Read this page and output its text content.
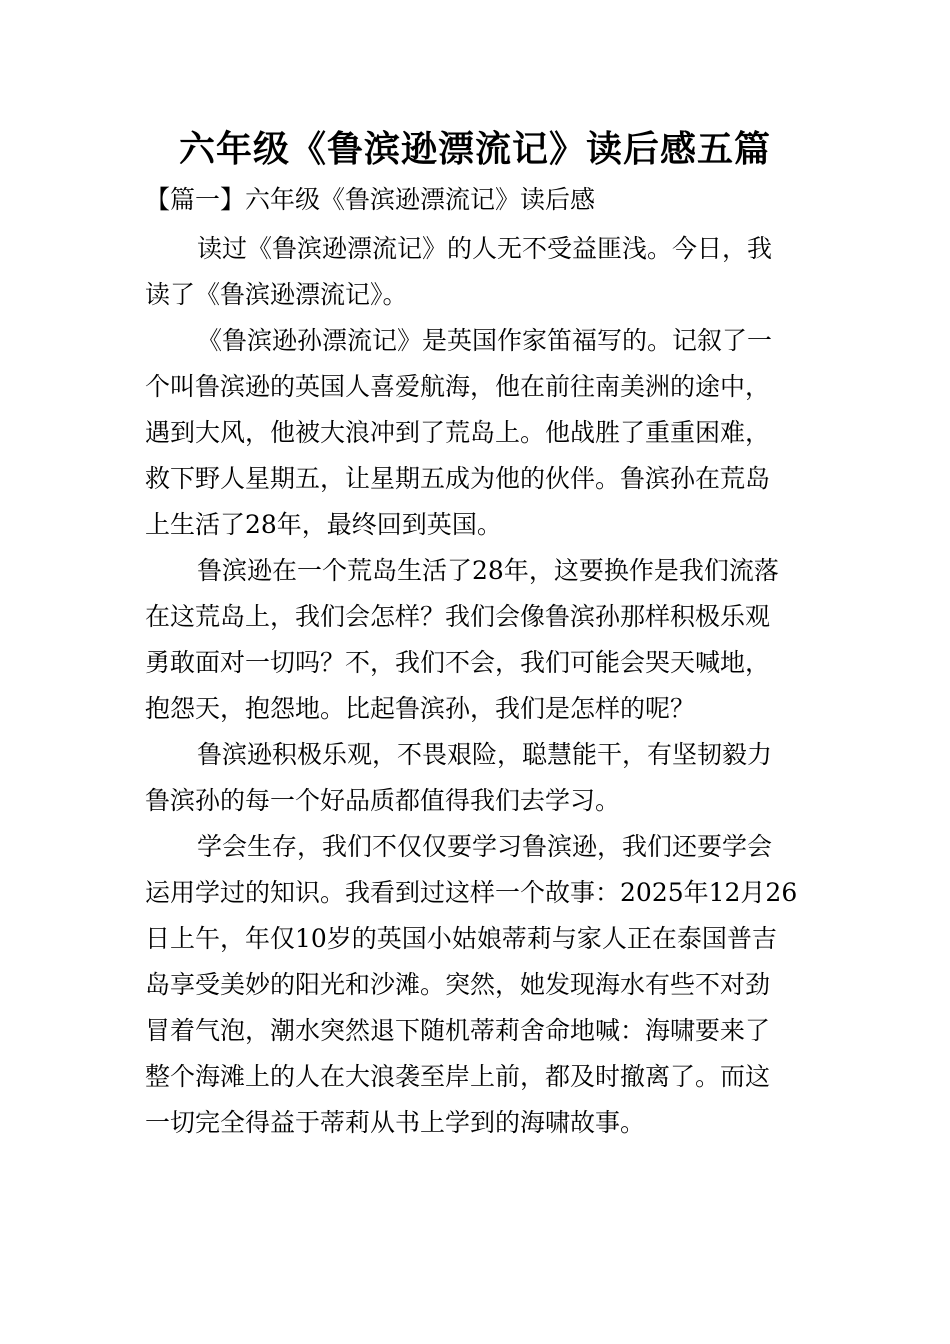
六年级《鲁滨逊漂流记》读后感五篇
【篇一】六年级《鲁滨逊漂流记》读后感
读过《鲁滨逊漂流记》的人无不受益匪浅。今日，我
读了《鲁滨逊漂流记》。
《鲁滨逊孙漂流记》是英国作家笛福写的。记叙了一
个叫鲁滨逊的英国人喜爱航海，他在前往南美洲的途中，
遇到大风，他被大浪冲到了荒岛上。他战胜了重重困难，
救下野人星期五，让星期五成为他的伙伴。鲁滨孙在荒岛
上生活了28年，最终回到英国。
鲁滨逊在一个荒岛生活了28年，这要换作是我们流落
在这荒岛上，我们会怎样？我们会像鲁滨孙那样积极乐观
勇敢面对一切吗？不，我们不会，我们可能会哭天喊地，
抱怨天，抱怨地。比起鲁滨孙，我们是怎样的呢？
鲁滨逊积极乐观，不畏艰险，聪慧能干，有坚韧毅力
鲁滨孙的每一个好品质都值得我们去学习。
学会生存，我们不仅仅要学习鲁滨逊，我们还要学会
运用学过的知识。我看到过这样一个故事：2025年12月26
日上午，年仅10岁的英国小姑娘蒂莉与家人正在泰国普吉
岛享受美妙的阳光和沙滩。突然，她发现海水有些不对劲
冒着气泡，潮水突然退下随机蒂莉舍命地喊：海啸要来了
整个海滩上的人在大浪袭至岸上前，都及时撤离了。而这
一切完全得益于蒂莉从书上学到的海啸故事。
